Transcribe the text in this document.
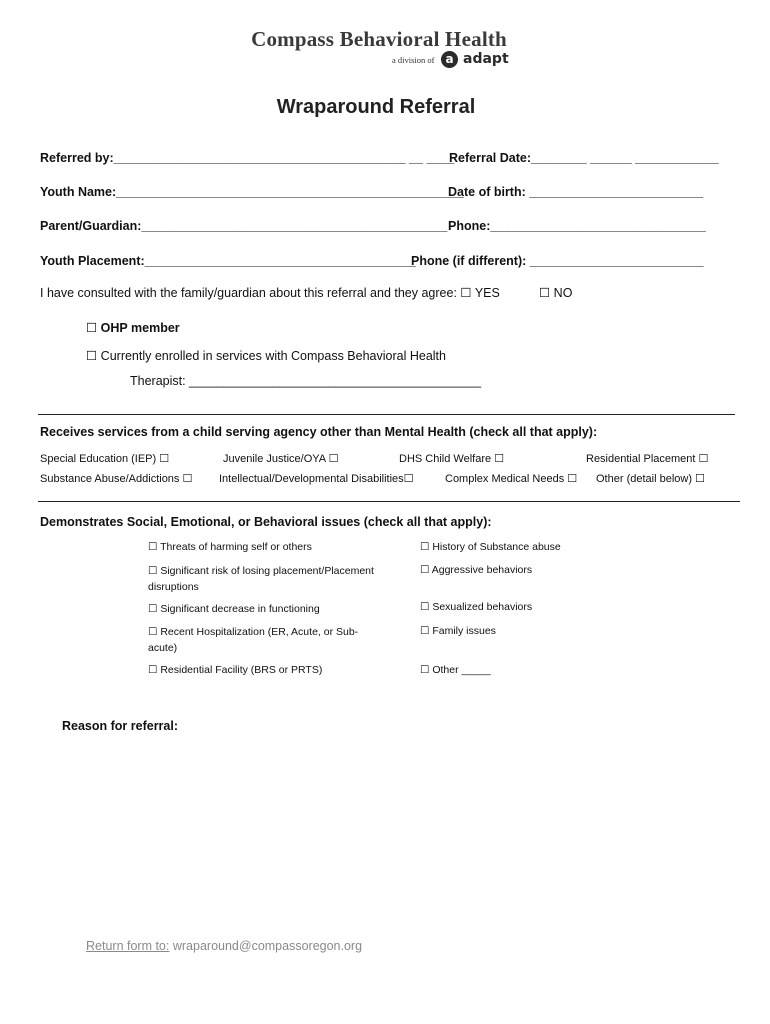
Compass Behavioral Health
a division of a adapt
Wraparound Referral
Referred by:__________________________________________ __ ____
Referral Date:________ ______ ____________
Youth Name:__________________________________________________
Date of birth: _________________________
Parent/Guardian:____________________________________________ Phone:_______________________________
Youth Placement:_______________________________________
Phone (if different): _________________________
I have consulted with the family/guardian about this referral and they agree: ☐ YES	☐ NO
☐ OHP member
☐ Currently enrolled in services with Compass Behavioral Health
Therapist: __________________________________________
Receives services from a child serving agency other than Mental Health (check all that apply):
Special Education (IEP) ☐	Juvenile Justice/OYA ☐	DHS Child Welfare ☐	Residential Placement ☐
Substance Abuse/Addictions ☐ Intellectual/Developmental Disabilities☐	Complex Medical Needs ☐ Other (detail below) ☐
Demonstrates Social, Emotional, or Behavioral issues (check all that apply):
☐ Threats of harming self or others
☐ Significant risk of losing placement/Placement
disruptions
☐ Significant decrease in functioning
☐ Recent Hospitalization (ER, Acute, or Sub-
acute)
☐ Residential Facility (BRS or PRTS)
☐ History of Substance abuse
☐ Aggressive behaviors
☐ Sexualized behaviors
☐ Family issues
☐ Other _____
Reason for referral:
Return form to: wraparound@compassoregon.org
